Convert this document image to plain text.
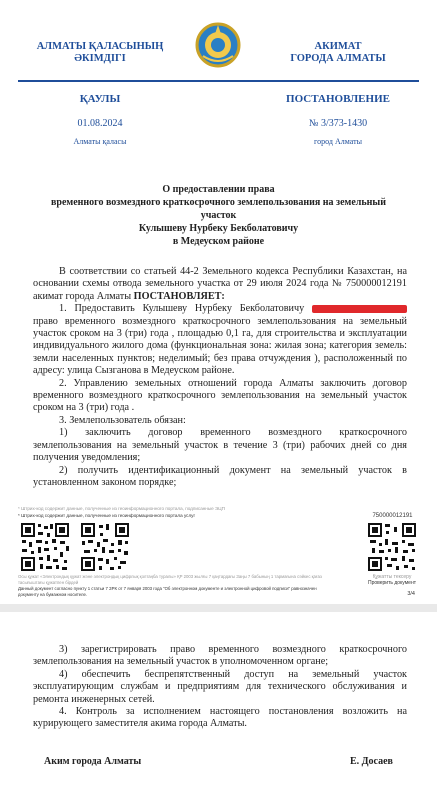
АЛМАТЫ ҚАЛАСЫНЫҢ
ӘКІМДІГІ
АКИМАТ
ГОРОДА АЛМАТЫ
ҚАУЛЫ	ПОСТАНОВЛЕНИЕ
01.08.2024	№ 3/373-1430
Алматы қаласы	город Алматы
О предоставлении права
временного возмездного краткосрочного землепользования на земельный
участок
Кулышеву Нурбеку Бекболатовичу
в Медеуском районе

В соответствии со статьей 44-2 Земельного кодекса Республики Казахстан, на основании схемы отвода земельного участка от 29 июля 2024 года № 750000012191 акимат города Алматы ПОСТАНОВЛЯЕТ:

1. Предоставить Кулышеву Нурбеку Бекболатовичу  право временного возмездного краткосрочного землепользования на земельный участок сроком на 3 (три) года , площадью 0,1 га, для строительства и эксплуатации индивидуального жилого дома (функциональная зона: жилая зона; категория земель: земли населенных пунктов; неделимый; без права отчуждения ), расположенный по адресу: улица Сызганова в Медеуском районе.

2. Управлению земельных отношений города Алматы заключить договор временного возмездного краткосрочного землепользования на земельный участок сроком на 3 (три) года .

3. Землепользователь обязан:

1) заключить договор временного возмездного краткосрочного землепользования на земельный участок в течение 3 (три) рабочих дней со дня получения уведомления;

2) получить идентификационный документ на земельный участок в установленном законом порядке;

* Штрих-код содержит данные, полученные из геоинформационного портала, подписанные ЭЦП
* Штрих-код содержит данные, полученные из геоинформационного портала услуг	750000012191
Осы құжат «Электрондық құжат және электрондық цифрлық қолтаңба туралы» ҚР 2003 жылғы 7 қаңтардағы Заңы 7 бабының 1 тармағына сәйкес қағаз тасығыштағы құжатпен бірдей
Данный документ согласно пункту 1 статьи 7 ЗРК от 7 января 2003 года "Об электронном документе и электронной цифровой подписи" равнозначен документу на бумажном носителе.
Құжатты тексеру
Проверить документ
3/4

3) зарегистрировать право временного возмездного краткосрочного землепользования на земельный участок в уполномоченном органе;

4) обеспечить беспрепятственный доступ на земельный участок эксплуатирующим службам и предприятиям для технического обслуживания и ремонта инженерных сетей.

4. Контроль за исполнением настоящего постановления возложить на курирующего заместителя акима города Алматы.

Аким города Алматы	Е. Досаев
